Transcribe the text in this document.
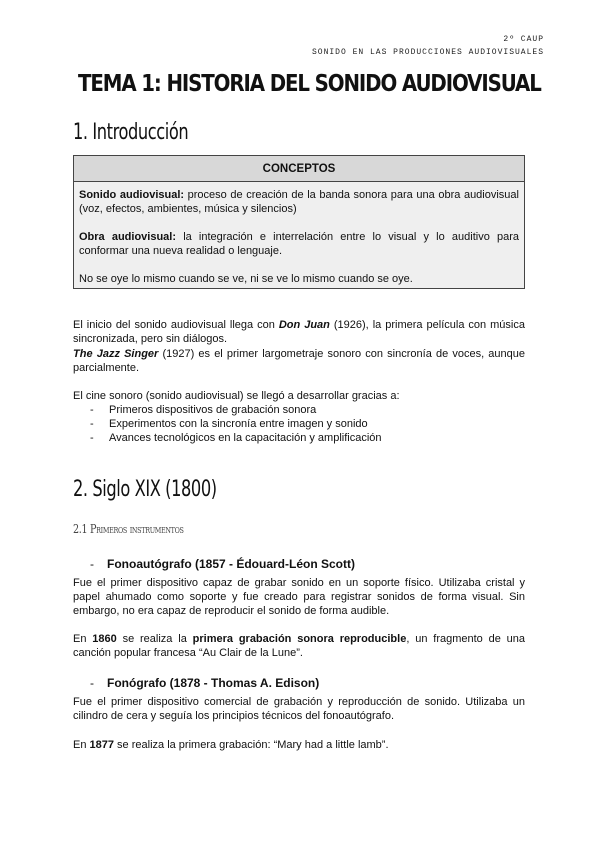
2º CAUP
SONIDO EN LAS PRODUCCIONES AUDIOVISUALES
TEMA 1: HISTORIA DEL SONIDO AUDIOVISUAL
1. Introducción
CONCEPTOS

Sonido audiovisual: proceso de creación de la banda sonora para una obra audiovisual (voz, efectos, ambientes, música y silencios)

Obra audiovisual: la integración e interrelación entre lo visual y lo auditivo para conformar una nueva realidad o lenguaje.

No se oye lo mismo cuando se ve, ni se ve lo mismo cuando se oye.

El inicio del sonido audiovisual llega con Don Juan (1926), la primera película con música sincronizada, pero sin diálogos.

The Jazz Singer (1927) es el primer largometraje sonoro con sincronía de voces, aunque parcialmente.

El cine sonoro (sonido audiovisual) se llegó a desarrollar gracias a:

- Primeros dispositivos de grabación sonora
- Experimentos con la sincronía entre imagen y sonido
- Avances tecnológicos en la capacitación y amplificación
2. Siglo XIX (1800)
2.1 Primeros instrumentos
- Fonoautógrafo (1857 - Édouard-Léon Scott)

Fue el primer dispositivo capaz de grabar sonido en un soporte físico. Utilizaba cristal y papel ahumado como soporte y fue creado para registrar sonidos de forma visual. Sin embargo, no era capaz de reproducir el sonido de forma audible.

En 1860 se realiza la primera grabación sonora reproducible, un fragmento de una canción popular francesa “Au Clair de la Lune”.

- Fonógrafo (1878 - Thomas A. Edison)

Fue el primer dispositivo comercial de grabación y reproducción de sonido. Utilizaba un cilindro de cera y seguía los principios técnicos del fonoautógrafo.

En 1877 se realiza la primera grabación: “Mary had a little lamb”.
